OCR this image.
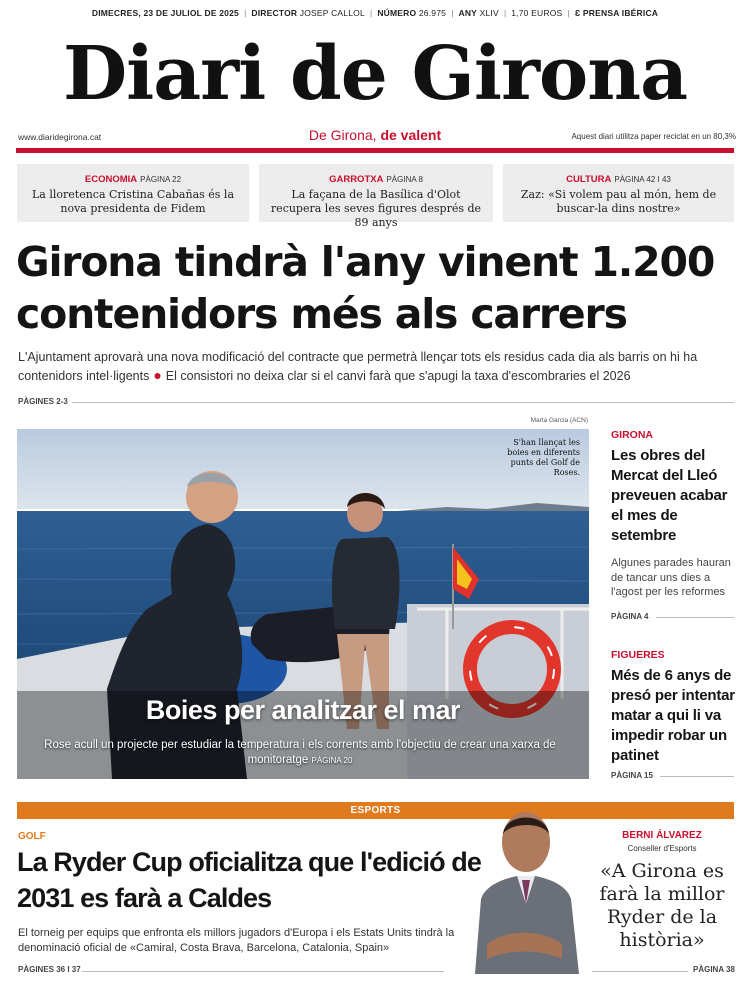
DIMECRES, 23 DE JULIOL DE 2025 | DIRECTOR JOSEP CALLOL | NÚMERO 26.975 | ANY XLIV | 1,70 EUROS | Ɛ PRENSA IBÉRICA
Diari de Girona
www.diaridegirona.cat	De Girona, de valent	Aquest diari utilitza paper reciclat en un 80,3%
ECONOMIA PÀGINA 22
La lloretenca Cristina Cabañas és la nova presidenta de Fidem
GARROTXA PÀGINA 8
La façana de la Basílica d'Olot recupera les seves figures després de 89 anys
CULTURA PÀGINA 42 I 43
Zaz: «Si volem pau al món, hem de buscar-la dins nostre»
Girona tindrà l'any vinent 1.200 contenidors més als carrers
L'Ajuntament aprovarà una nova modificació del contracte que permetrà llençar tots els residus cada dia als barris on hi ha contenidors intel·ligents ● El consistori no deixa clar si el canvi farà que s'apugi la taxa d'escombraries el 2026
PÀGINES 2-3
Marta Garcia (ACN)
S'han llançat les boies en diferents punts del Golf de Roses.
Boies per analitzar el mar
Rose acull un projecte per estudiar la temperatura i els corrents amb l'objectiu de crear una xarxa de monitoratge PÀGINA 20
GIRONA
Les obres del Mercat del Lleó preveuen acabar el mes de setembre
Algunes parades hauran de tancar uns dies a l'agost per les reformes
PÀGINA 4
FIGUERES
Més de 6 anys de presó per intentar matar a qui li va impedir robar un patinet
PÀGINA 15
ESPORTS
GOLF
La Ryder Cup oficialitza que l'edició de 2031 es farà a Caldes
El torneig per equips que enfronta els millors jugadors d'Europa i els Estats Units tindrà la denominació oficial de «Camiral, Costa Brava, Barcelona, Catalonia, Spain»
PÀGINES 36 I 37
BERNI ÁLVAREZ
Conseller d'Esports
«A Girona es farà la millor Ryder de la història»
PÀGINA 38
